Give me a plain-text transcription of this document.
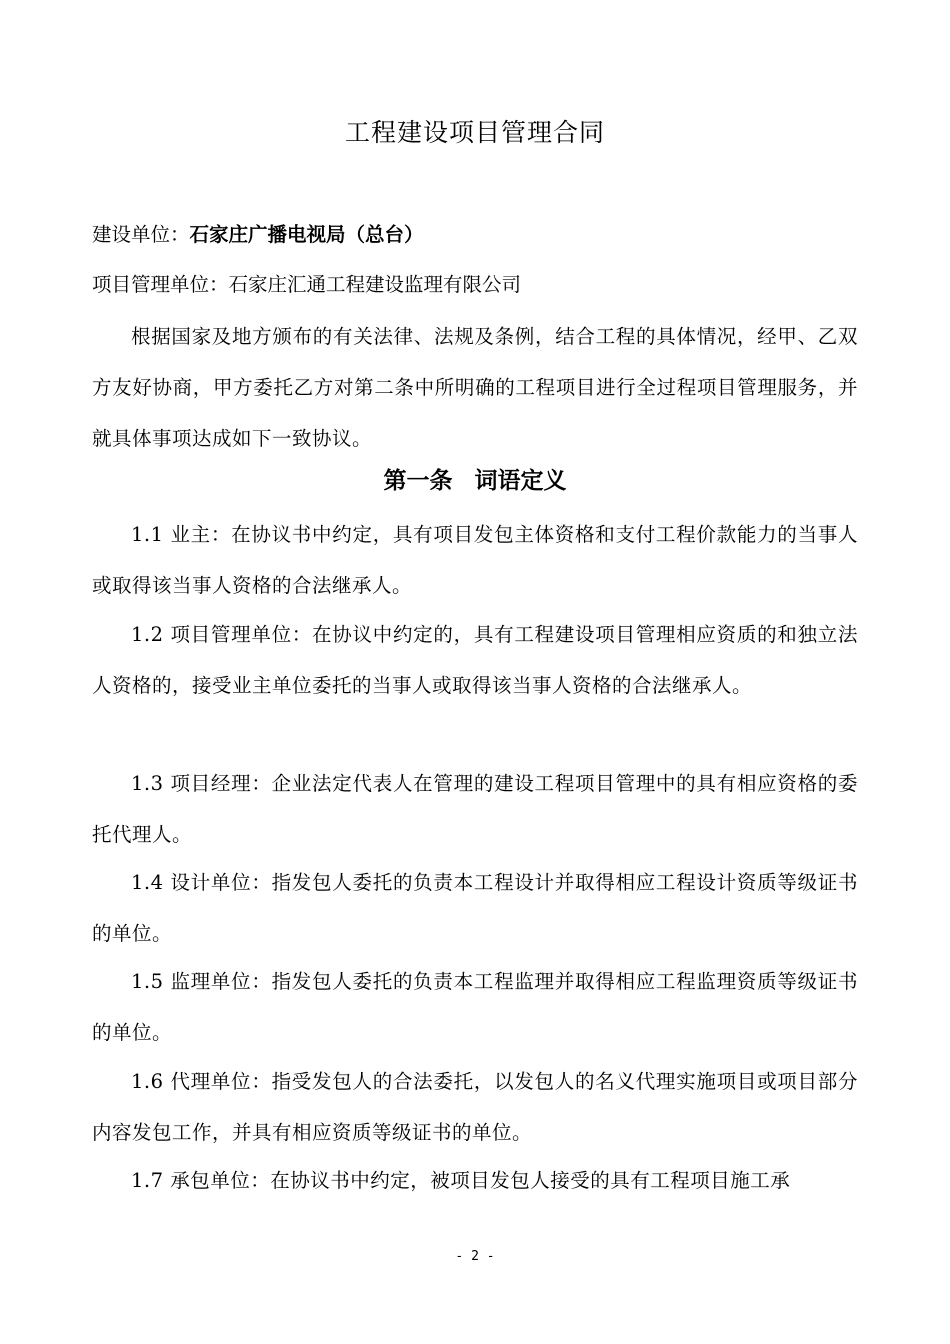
工程建设项目管理合同
建设单位：石家庄广播电视局（总台）
项目管理单位：石家庄汇通工程建设监理有限公司
根据国家及地方颁布的有关法律、法规及条例，结合工程的具体情况，经甲、乙双方友好协商，甲方委托乙方对第二条中所明确的工程项目进行全过程项目管理服务，并就具体事项达成如下一致协议。
第一条 词语定义
1.1 业主：在协议书中约定，具有项目发包主体资格和支付工程价款能力的当事人或取得该当事人资格的合法继承人。
1.2 项目管理单位：在协议中约定的，具有工程建设项目管理相应资质的和独立法人资格的，接受业主单位委托的当事人或取得该当事人资格的合法继承人。
1.3 项目经理：企业法定代表人在管理的建设工程项目管理中的具有相应资格的委托代理人。
1.4 设计单位：指发包人委托的负责本工程设计并取得相应工程设计资质等级证书的单位。
1.5 监理单位：指发包人委托的负责本工程监理并取得相应工程监理资质等级证书的单位。
1.6 代理单位：指受发包人的合法委托，以发包人的名义代理实施项目或项目部分内容发包工作，并具有相应资质等级证书的单位。
1.7 承包单位：在协议书中约定，被项目发包人接受的具有工程项目施工承
- 2 -
